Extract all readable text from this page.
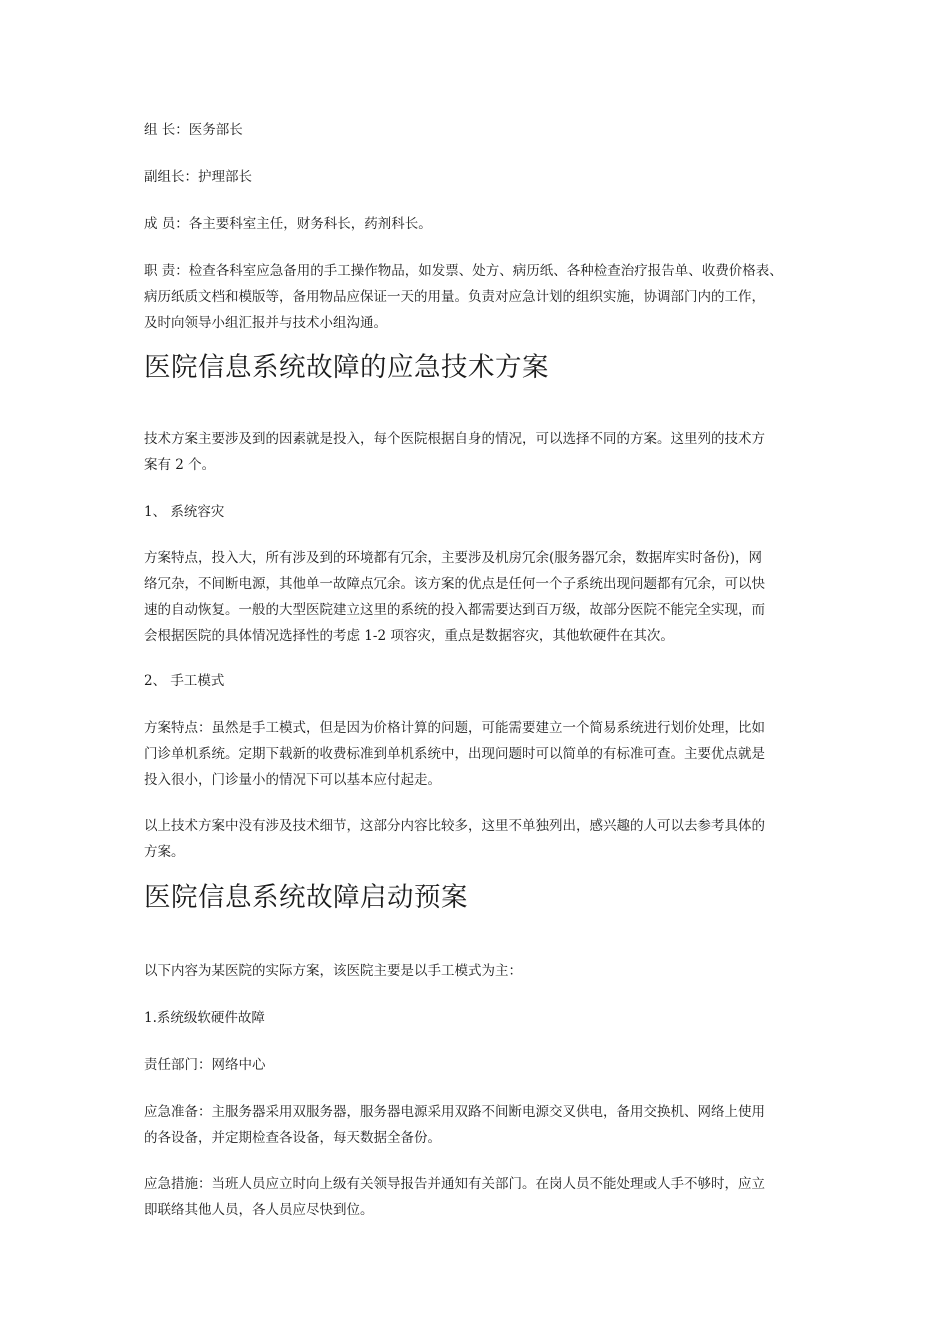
组 长：医务部长

副组长：护理部长

成 员：各主要科室主任，财务科长，药剂科长。

职 责：检查各科室应急备用的手工操作物品，如发票、处方、病历纸、各种检查治疗报告单、收费价格表、
病历纸质文档和模版等，备用物品应保证一天的用量。负责对应急计划的组织实施，协调部门内的工作，
及时向领导小组汇报并与技术小组沟通。

医院信息系统故障的应急技术方案

技术方案主要涉及到的因素就是投入，每个医院根据自身的情况，可以选择不同的方案。这里列的技术方
案有 2 个。

1、 系统容灾

方案特点，投入大，所有涉及到的环境都有冗余，主要涉及机房冗余(服务器冗余，数据库实时备份)，网
络冗杂，不间断电源，其他单一故障点冗余。该方案的优点是任何一个子系统出现问题都有冗余，可以快
速的自动恢复。一般的大型医院建立这里的系统的投入都需要达到百万级，故部分医院不能完全实现，而
会根据医院的具体情况选择性的考虑 1-2 项容灾，重点是数据容灾，其他软硬件在其次。

2、 手工模式

方案特点：虽然是手工模式，但是因为价格计算的问题，可能需要建立一个简易系统进行划价处理，比如
门诊单机系统。定期下载新的收费标准到单机系统中，出现问题时可以简单的有标准可查。主要优点就是
投入很小，门诊量小的情况下可以基本应付起走。

以上技术方案中没有涉及技术细节，这部分内容比较多，这里不单独列出，感兴趣的人可以去参考具体的
方案。

医院信息系统故障启动预案

以下内容为某医院的实际方案，该医院主要是以手工模式为主：

1.系统级软硬件故障

责任部门：网络中心

应急准备：主服务器采用双服务器，服务器电源采用双路不间断电源交叉供电，备用交换机、网络上使用
的各设备，并定期检查各设备，每天数据全备份。

应急措施：当班人员应立时向上级有关领导报告并通知有关部门。在岗人员不能处理或人手不够时，应立
即联络其他人员，各人员应尽快到位。
